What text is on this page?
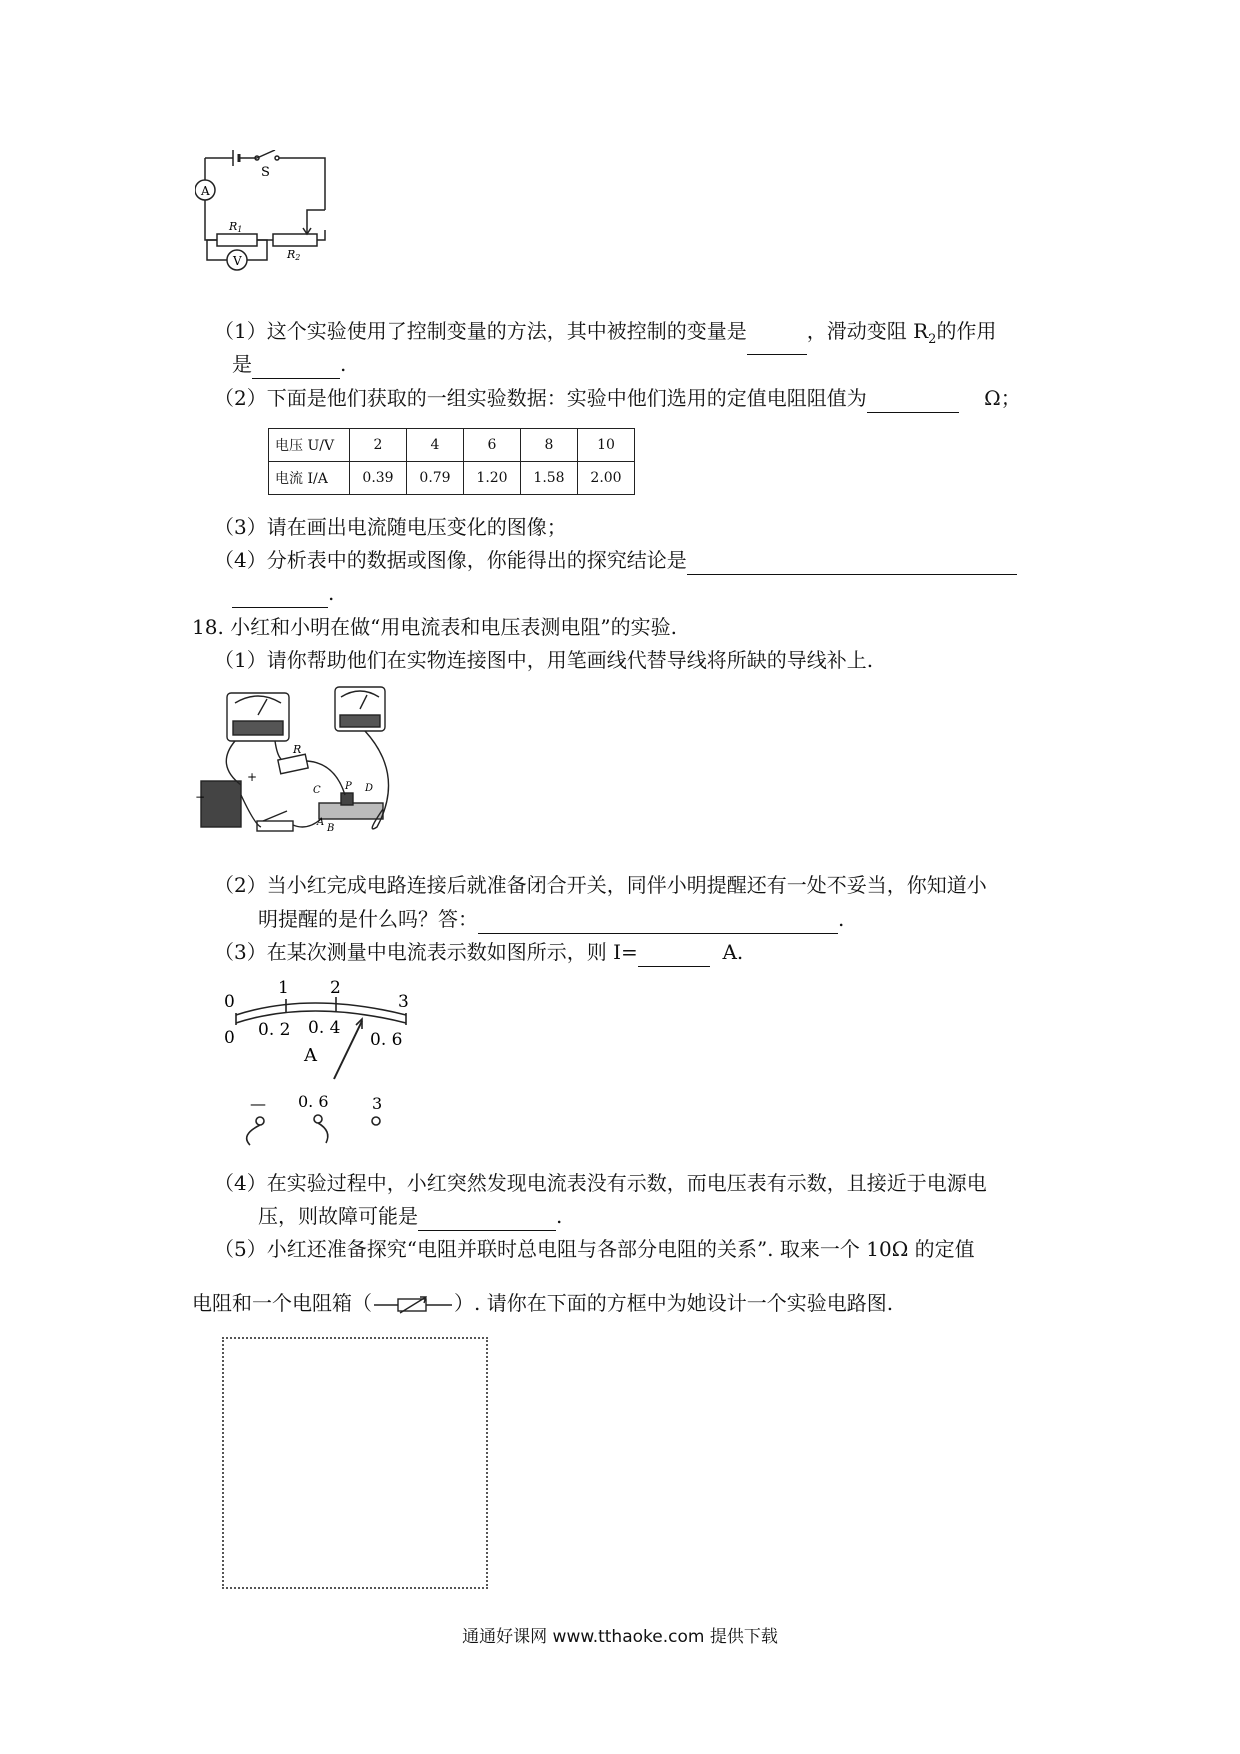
S
A
V
R1
R2
（1）这个实验使用了控制变量的方法，其中被控制的变量是	，滑动变阻 $R_2$的作用
是	.
（2）下面是他们获取的一组实验数据：实验中他们选用的定值电阻阻值为	Ω；
电压 U/V	2	4	6	8	10
电流 I/A	0.39	0.79	1.20	1.58	2.00
（3）请在画出电流随电压变化的图像；
（4）分析表中的数据或图像，你能得出的探究结论是
.
18. 小红和小明在做“用电流表和电压表测电阻”的实验.
（1）请你帮助他们在实物连接图中，用笔画线代替导线将所缺的导线补上.
R
C P D
A
B
+
−
（2）当小红完成电路连接后就准备闭合开关，同伴小明提醒还有一处不妥当，你知道小
明提醒的是什么吗？答：	.
（3）在某次测量中电流表示数如图所示，则 I=	A.
0
1 2
3
0 0. 2 0. 4
0. 6
A
— 0. 6	3
（4）在实验过程中，小红突然发现电流表没有示数，而电压表有示数，且接近于电源电
压，则故障可能是	.
（5）小红还准备探究“电阻并联时总电阻与各部分电阻的关系”. 取来一个 10Ω 的定值
电阻和一个电阻箱（	）. 请你在下面的方框中为她设计一个实验电路图.
通通好课网 www.tthaoke.com 提供下载
